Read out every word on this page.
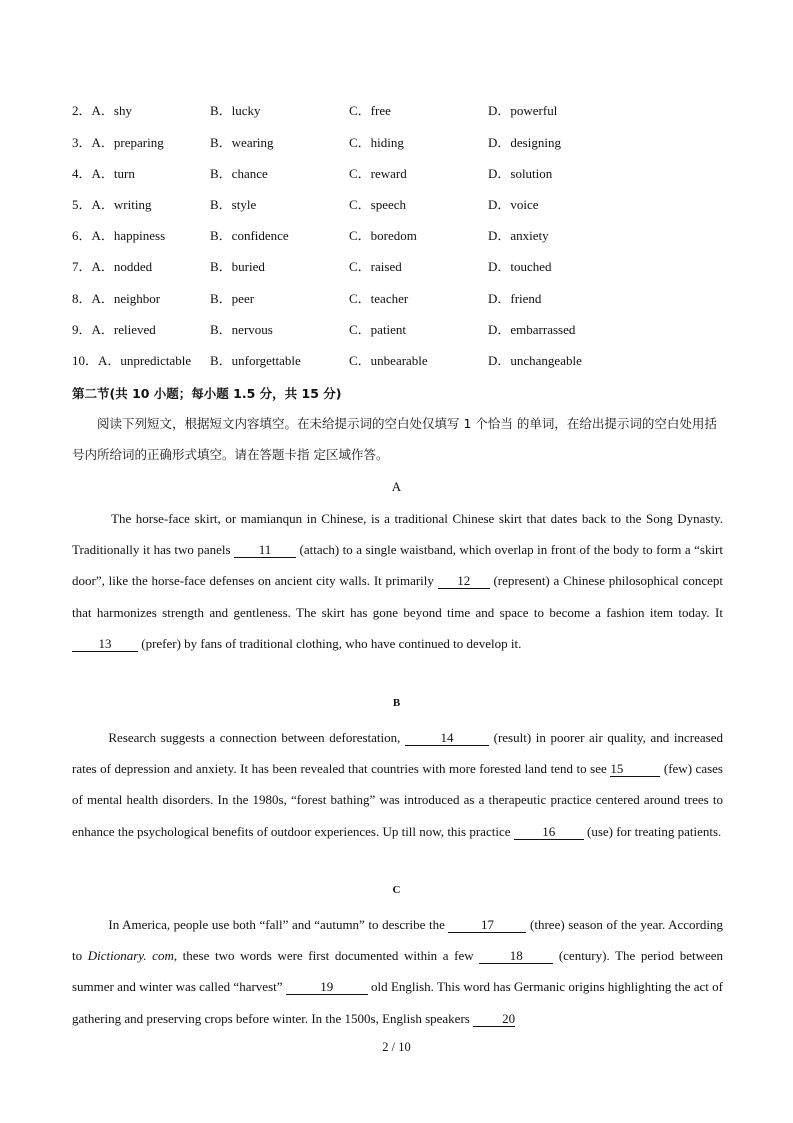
2．A．shy	B．lucky	C．free	D．powerful
3．A．preparing	B．wearing	C．hiding	D．designing
4．A．turn	B．chance	C．reward	D．solution
5．A．writing	B．style	C．speech	D．voice
6．A．happiness	B．confidence	C．boredom	D．anxiety
7．A．nodded	B．buried	C．raised	D．touched
8．A．neighbor	B．peer	C．teacher	D．friend
9．A．relieved	B．nervous	C．patient	D．embarrassed
10．A．unpredictable B．unforgettable	C．unbearable	D．unchangeable
第二节(共 10 小题；每小题 1.5 分，共 15 分)
阅读下列短文，根据短文内容填空。在未给提示词的空白处仅填写 1 个恰当 的单词，在给出提示词的空白处用括号内所给词的正确形式填空。请在答题卡指 定区域作答。
A
The horse-face skirt, or mamianqun in Chinese, is a traditional Chinese skirt that dates back to the Song Dynasty. Traditionally it has two panels 11 (attach) to a single waistband, which overlap in front of the body to form a “skirt door”, like the horse-face defenses on ancient city walls. It primarily 12 (represent) a Chinese philosophical concept that harmonizes strength and gentleness. The skirt has gone beyond time and space to become a fashion item today. It 13 (prefer) by fans of traditional clothing, who have continued to develop it.
B
Research suggests a connection between deforestation,	14	(result) in poorer air quality, and increased rates of depression and anxiety. It has been revealed that countries with more forested land tend to see 15	(few) cases of mental health disorders. In the 1980s, “forest bathing” was introduced as a therapeutic practice centered around trees to enhance the psychological benefits of outdoor experiences. Up till now, this practice 16 (use) for treating patients.
C
In America, people use both “fall” and “autumn” to describe the	17	(three) season of the year. According to Dictionary. com, these two words were first documented within a few 18 (century). The period between summer and winter was called “harvest”	19	old English. This word has Germanic origins highlighting the act of gathering and preserving crops before winter. In the 1500s, English speakers 20
2 / 10
